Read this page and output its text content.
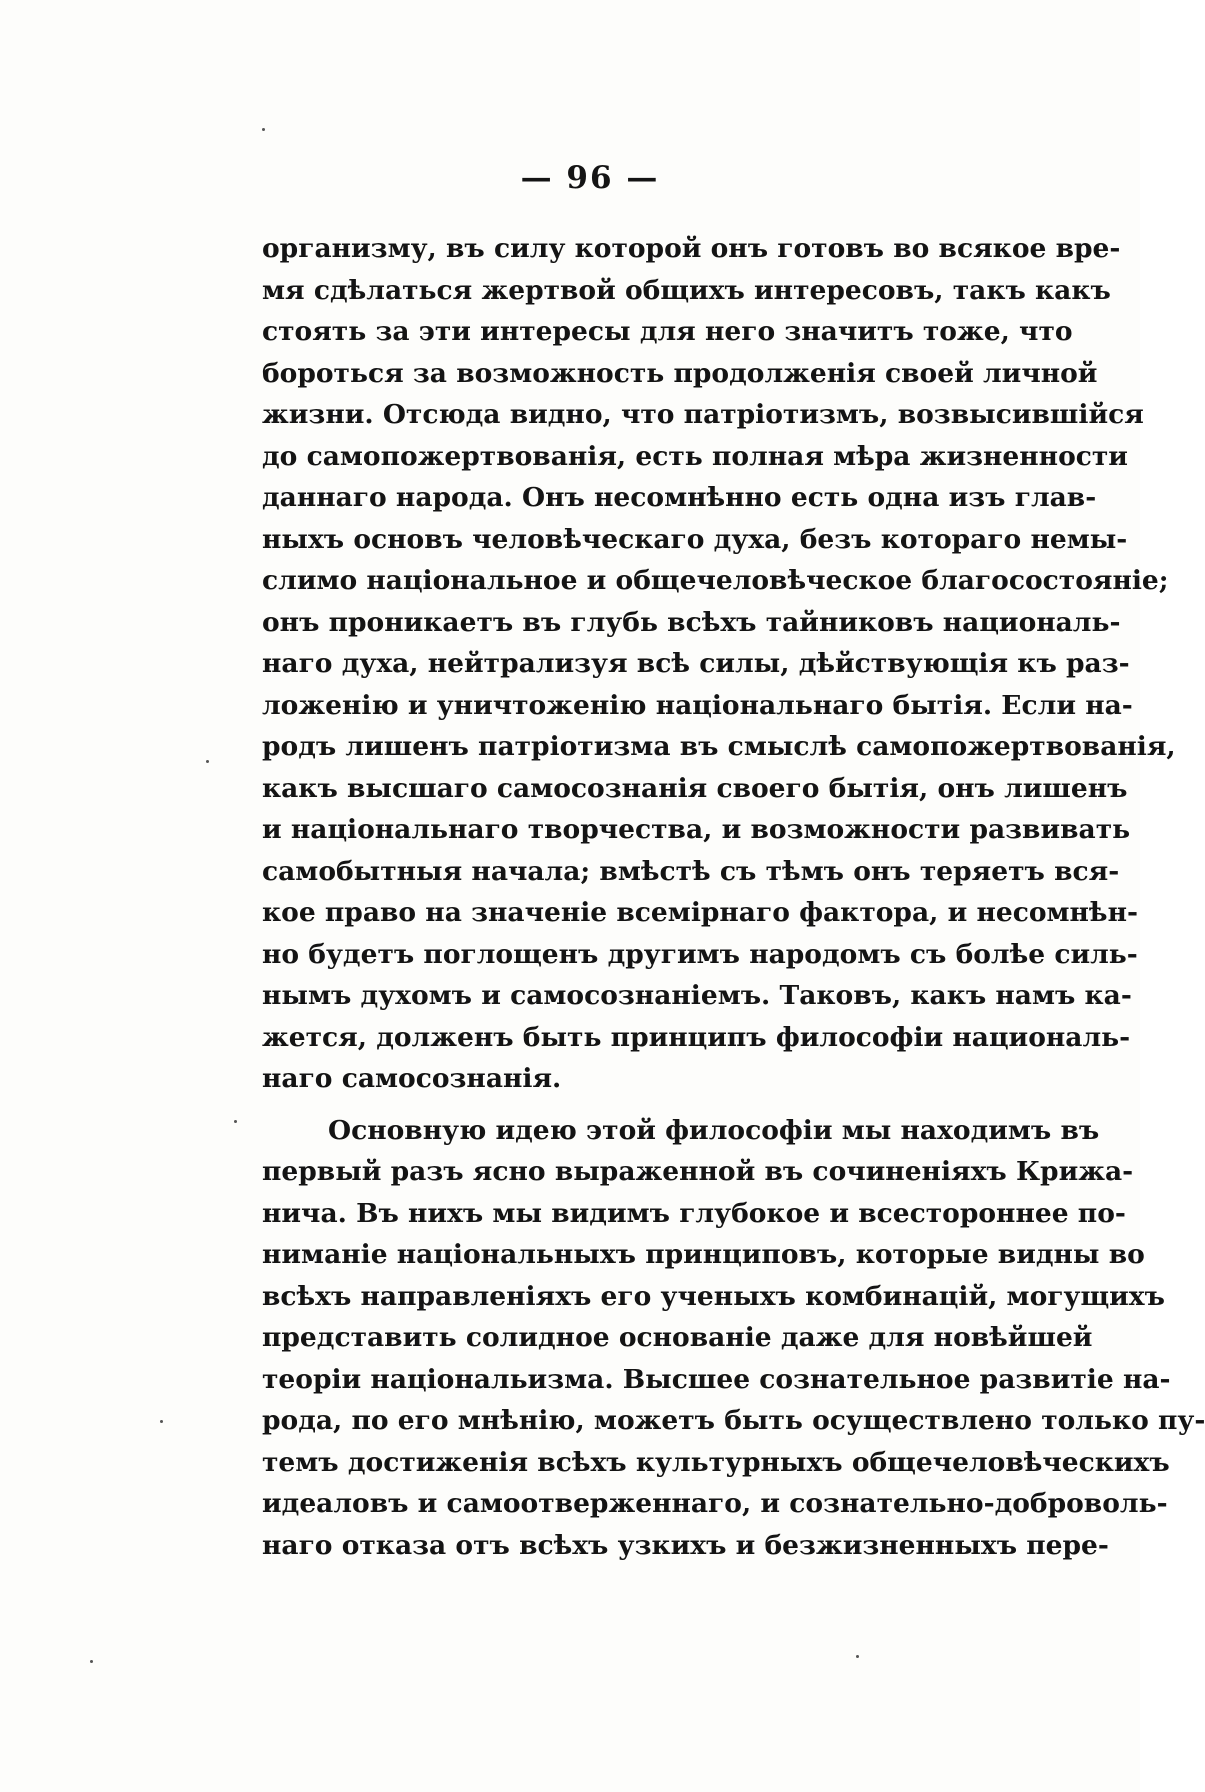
— 96 —
организму, въ силу которой онъ готовъ во всякое вре-
мя сдѣлаться жертвой общихъ интересовъ, такъ какъ
стоять за эти интересы для него значитъ тоже, что
бороться за возможность продолженія своей личной
жизни. Отсюда видно, что патріотизмъ, возвысившійся
до самопожертвованія, есть полная мѣра жизненности
даннаго народа. Онъ несомнѣнно есть одна изъ глав-
ныхъ основъ человѣческаго духа, безъ котораго немы-
слимо національное и общечеловѣческое благосостояніе;
онъ проникаетъ въ глубь всѣхъ тайниковъ националь-
наго духа, нейтрализуя всѣ силы, дѣйствующія къ раз-
ложенію и уничтоженію національнаго бытія. Если на-
родъ лишенъ патріотизма въ смыслѣ самопожертвованія,
какъ высшаго самосознанія своего бытія, онъ лишенъ
и національнаго творчества, и возможности развивать
самобытныя начала; вмѣстѣ съ тѣмъ онъ теряетъ вся-
кое право на значеніе всемірнаго фактора, и несомнѣн-
но будетъ поглощенъ другимъ народомъ съ болѣе силь-
нымъ духомъ и самосознаніемъ. Таковъ, какъ намъ ка-
жется, долженъ быть принципъ философіи националь-
наго самосознанія.
Основную идею этой философіи мы находимъ въ
первый разъ ясно выраженной въ сочиненіяхъ Крижа-
нича. Въ нихъ мы видимъ глубокое и всестороннее по-
ниманіе національныхъ принциповъ, которые видны во
всѣхъ направленіяхъ его ученыхъ комбинацій, могущихъ
представить солидное основаніе даже для новѣйшей
теоріи національизма. Высшее сознательное развитіе на-
рода, по его мнѣнію, можетъ быть осуществлено только пу-
темъ достиженія всѣхъ культурныхъ общечеловѣческихъ
идеаловъ и самоотверженнаго, и сознательно-доброволь-
наго отказа отъ всѣхъ узкихъ и безжизненныхъ пере-
